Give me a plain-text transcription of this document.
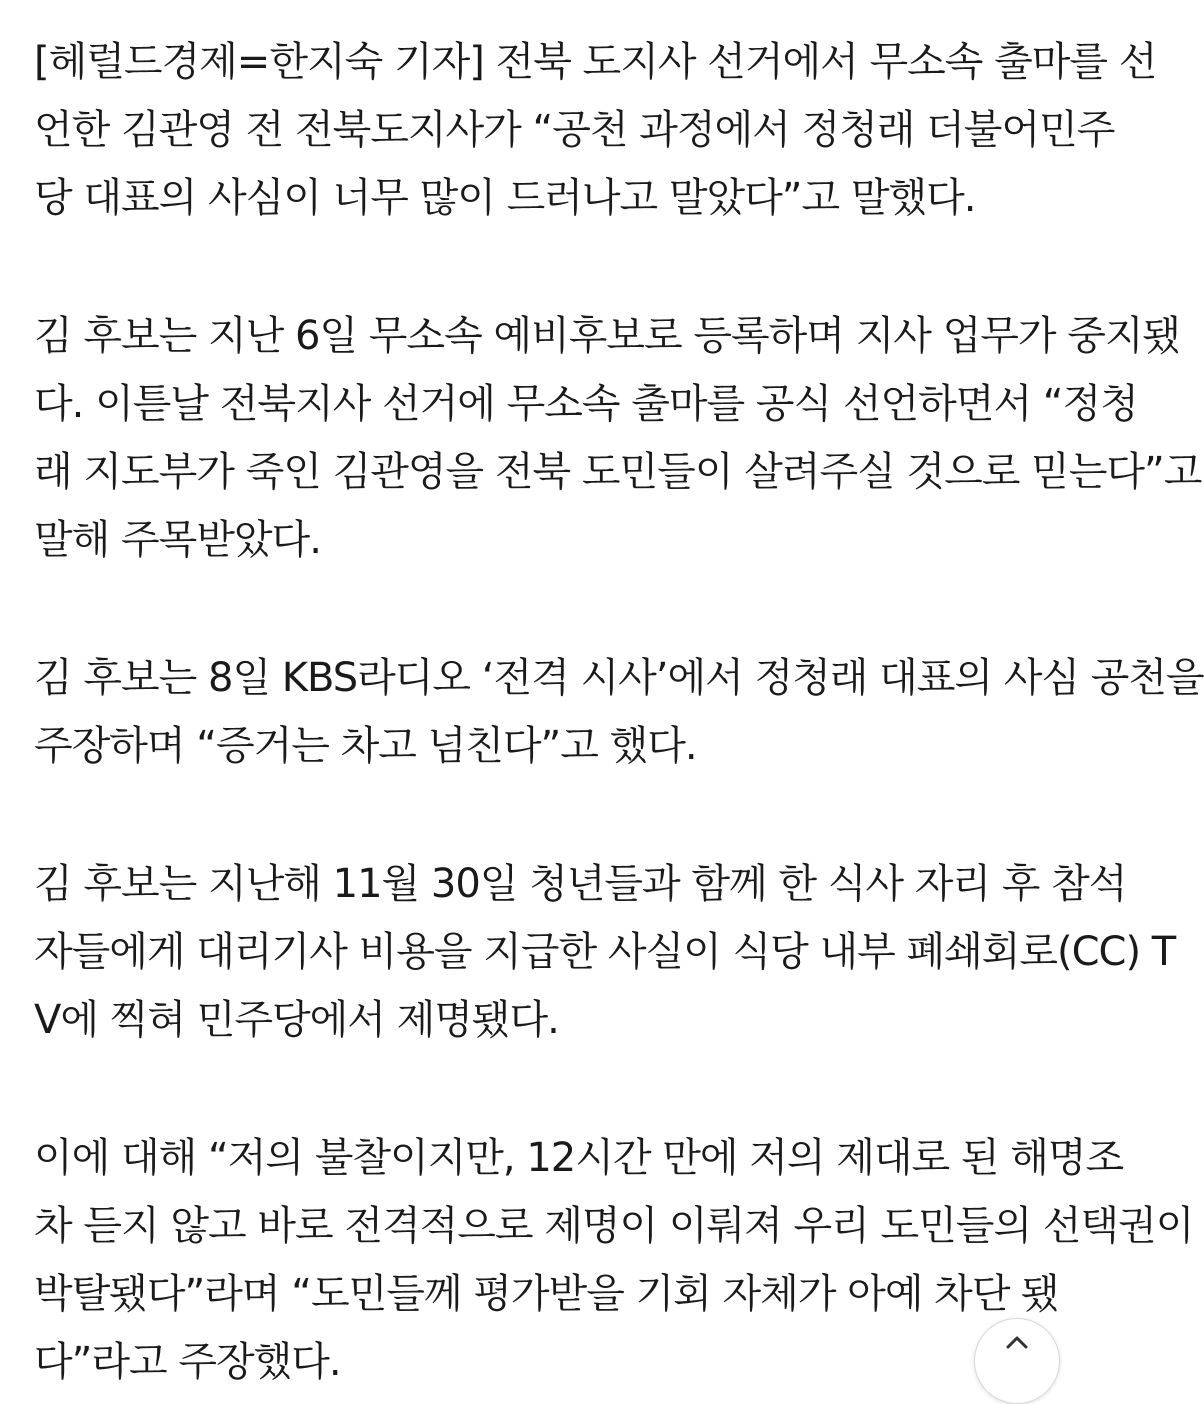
[헤럴드경제=한지숙 기자] 전북 도지사 선거에서 무소속 출마를 선
언한 김관영 전 전북도지사가 “공천 과정에서 정청래 더불어민주
당 대표의 사심이 너무 많이 드러나고 말았다”고 말했다.

김 후보는 지난 6일 무소속 예비후보로 등록하며 지사 업무가 중지됐
다. 이튿날 전북지사 선거에 무소속 출마를 공식 선언하면서 “정청
래 지도부가 죽인 김관영을 전북 도민들이 살려주실 것으로 믿는다”고
말해 주목받았다.

김 후보는 8일 KBS라디오 ‘전격 시사’에서 정청래 대표의 사심 공천을
주장하며 “증거는 차고 넘친다”고 했다.

김 후보는 지난해 11월 30일 청년들과 함께 한 식사 자리 후 참석
자들에게 대리기사 비용을 지급한 사실이 식당 내부 폐쇄회로(CC) T
V에 찍혀 민주당에서 제명됐다.

이에 대해 “저의 불찰이지만, 12시간 만에 저의 제대로 된 해명조
차 듣지 않고 바로 전격적으로 제명이 이뤄져 우리 도민들의 선택권이
박탈됐다”라며 “도민들께 평가받을 기회 자체가 아예 차단 됐
다”라고 주장했다.
